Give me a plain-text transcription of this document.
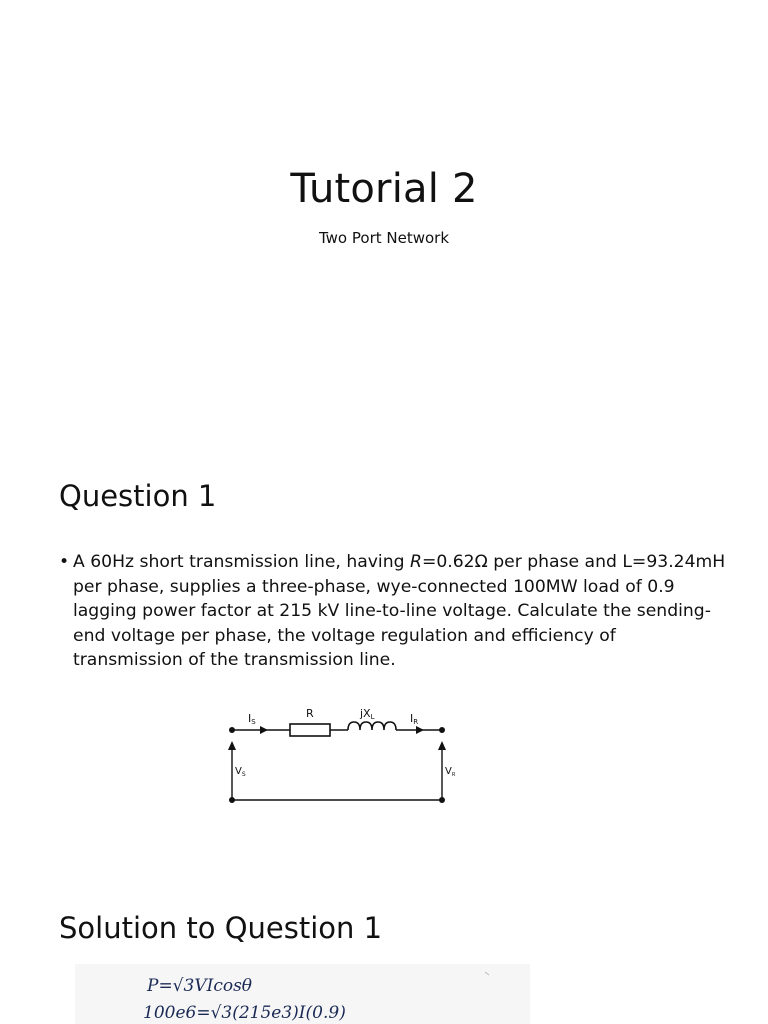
Tutorial 2

Two Port Network

Question 1
• A 60Hz short transmission line, having R=0.62Ω per phase and L=93.24mH per phase, supplies a three-phase, wye-connected 100MW load of 0.9 lagging power factor at 215 kV line-to-line voltage. Calculate the sending-end voltage per phase, the voltage regulation and efficiency of transmission of the transmission line.
IS
R	jXL	IR
$V_S$	$V_R$
Solution to Question 1
P=√3VIcosθ
100e6=√3(215e3)I(0.9)
